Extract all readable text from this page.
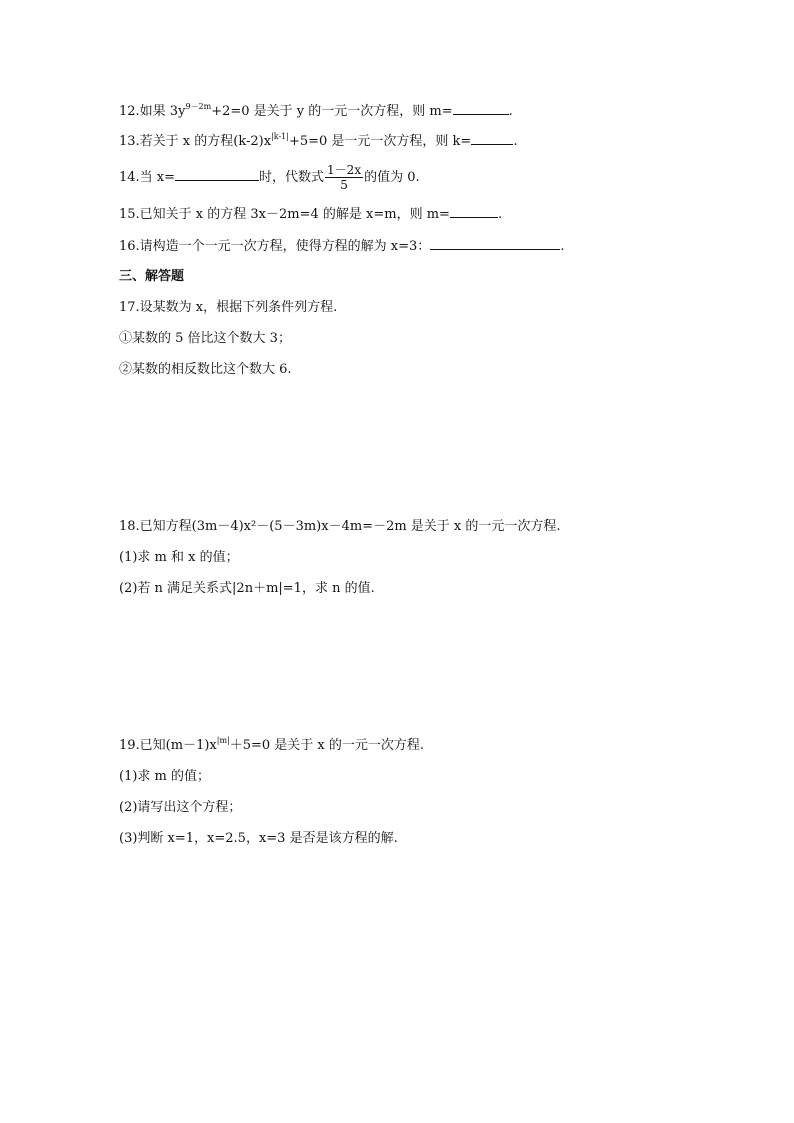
12.如果 $3y^{9-2m}+2=0$ 是关于 y 的一元一次方程，则 m=	.
13.若关于 x 的方程$(k-2)x^{|k-1|}+5=0$ 是一元一次方程，则 k=	.
14.当 x=	时，代数式 $\frac{1-2x}{5}$ 的值为 0.
15.已知关于 x 的方程 3x－2m=4 的解是 x=m，则 m=	.
16.请构造一个一元一次方程，使得方程的解为 x=3：	.
三、解答题
17.设某数为 x，根据下列条件列方程.
①某数的 5 倍比这个数大 3；
②某数的相反数比这个数大 6.
18.已知方程(3m－4)x²－(5－3m)x－4m=－2m 是关于 x 的一元一次方程.
(1)求 m 和 x 的值；
(2)若 n 满足关系式|2n＋m|=1，求 n 的值.
19.已知$(m-1)x^{|m|}+5=0$ 是关于 x 的一元一次方程.
(1)求 m 的值；
(2)请写出这个方程；
(3)判断 x=1，x=2.5，x=3 是否是该方程的解.
